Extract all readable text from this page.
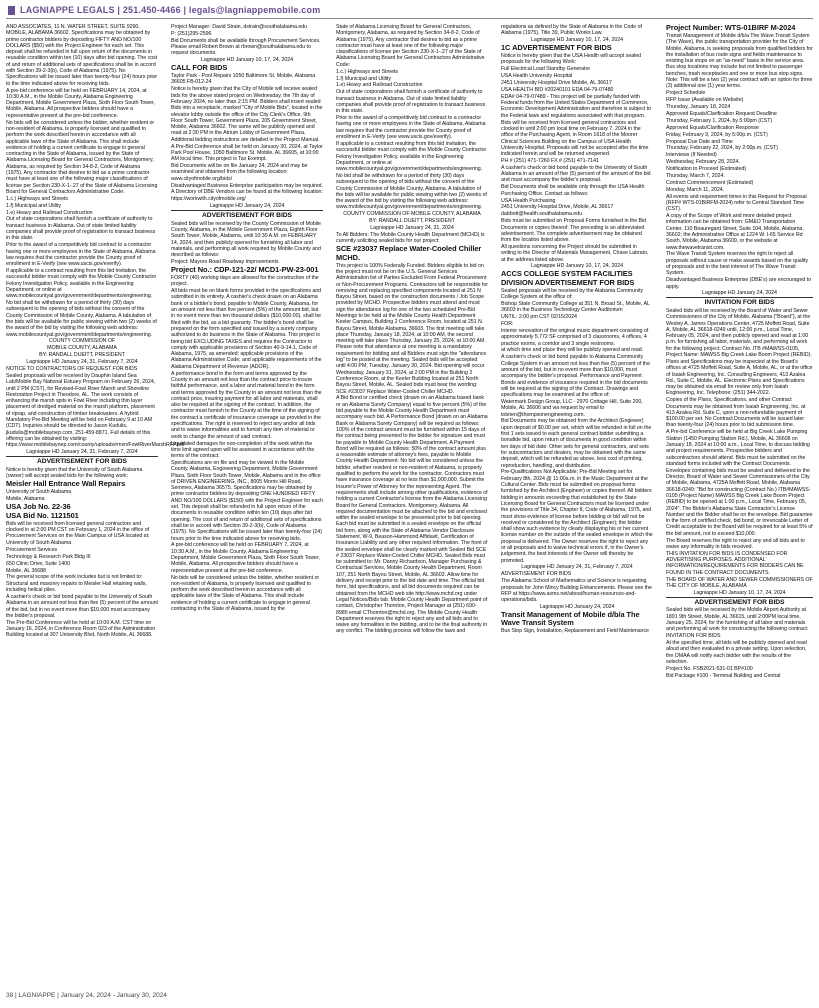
LAGNIAPPE LEGALS | 251.450-4466 | legals@lagniappemobile.com
AND ASSOCIATES, 11 N. WATER STREET, SUITE 9290, MOBILE, ALABAMA 36602. Specifications may be obtained by prime contractor bidders by depositing FIFTY AND NO/100 DOLLARS ($50) with the Project Engineer for each set. This deposit shall be refunded in full upon return of the documents in reusable condition within ten (10) days after bid opening. The cost of and return of additional sets of specifications shall be in accord with Section 39-2-3(b), Code of Alabama (1975). No Specifications will be issued later than twenty-four (24) hours prior to the time indicated above for receiving bids.
A pre-bid conference will be held on FEBRUARY 14, 2024, at 10:30 A.M., in the Mobile County, Alabama Engineering Department, Mobile Government Plaza, Sixth Floor South Tower, Mobile, Alabama. All prospective bidders should have a representative present at the pre-bid conference.
No bids will be considered unless the bidder, whether resident or non-resident of Alabama, is properly licensed and qualified to perform the work described herein in accordance with all applicable laws of the State of Alabama. This shall include evidence of holding a current certificate to engage in general contracting in the State of Alabama, issued by the State of Alabama Licensing Board for General Contractors, Montgomery, Alabama, as required by Section 34-8-2, Code of Alabama (1975). Any contractor that desires to bid as a prime contractor must have at least one of the following major classifications of license per Section 230-X-1-.27 of the State of Alabama Licensing Board for General Contractors Administrative Code:
1.c.) Highways and Streets
1.f) Municipal and Utility
1.e) Heavy and Railroad Construction
Out of state corporations shall furnish a certificate of authority to transact business in Alabama. Out of state limited liability companies shall provide proof of registration to transact business in this state.
Prior to the award of a competitively bid contract to a contractor having one or more employees in the State of Alabama, Alabama law requires that the contractor provide the County proof of enrollment in E-Verify (see www.uscis.gov/everify).
If applicable to a contract resulting from this bid invitation, the successful bidder must comply with the Mobile County Contractor Felony Investigation Policy, available in the Engineering Department, or online at www.mobilecountyal.gov/government/departments/engineering.
No bid shall be withdrawn for a period of thirty (30) days subsequent to the opening of bids without the consent of the County Commission of Mobile County, Alabama. A tabulation of the bids will be available for public viewing within two (2) weeks of the award of the bid by visiting the following web address: www.mobilecountyal.gov/government/departments/engineering.
COUNTY COMMISSION OF
MOBILE COUNTY, ALABAMA
BY: RANDALL DUEITT, PRESIDENT
Lagniappe HD January 24, 31, February 7, 2024
NOTICE TO CONTRACTORS OF REQUEST FOR BIDS
Sealed proposals will be received by Dauphin Island Sea Lab/Mobile Bay National Estuary Program on February 26, 2024, until 2 PM (CST), for Revised-Fowl River Marsh and Shoreline Restoration Project in Theodore, AL. The work consists of enhancing the marsh spits in Fowl River including thin layer placement of dredged material on the marsh platform, placement of riprap, and construction of timber breakwaters. A hybrid Mandatory Pre-Bid Meeting will be held on February 9 at 10 AM (CDT). Inquiries should be directed to Jason Kudulis, jkudulis@mobilebaynep.com, 251-459-8871. Full details of this offering can be obtained by visiting: https://www.mobilebaynep.com/county/uploads/rmxn/FowlRiverMarshRFP.pdf
Lagniappe HD January 24, 31, February 7, 2024
ADVERTISEMENT FOR BIDS
Notice is hereby given that the University of South Alabama (owner) will accept sealed bids for the following work:
Meisler Hall Entrance Wall Repairs
University of South Alabama
Mobile, Alabama
USA Job No. 22-36
USA Bid No. 1121501
Bids will be received from licensed general contractors and clocked in at 2:00 PM CST on February 1, 2024 in the office of Procurement Services on the Main Campus of USA located at:
University of South Alabama
Procurement Services
Technology & Research Park Bldg III
650 Clinic Drive, Suite 1400
Mobile, AL 36688
The general scope of the work includes but is not limited to: Structural and masonry repairs to Meisler Hall retaining walls, including helical piles.
A cashier's check or bid bond payable to the University of South Alabama in an amount not less than five (5) percent of the amount of the bid, but in no event more than $10,000 must accompany the bidder's proposal.
The Pre-Bid Conference will be held at 10:00 A.M. CST time on January 16, 2024, in Conference Room 023 of the Administration Building located at 307 University Blvd, North Mobile, AL 36688.
Project Manager- David Strain, dstrain@southalabama.edu
P: (251)295-2596
Bid Documents shall be available through Procurement Services. Please email Robert Brown at rbrown@southalabama.edu to request documents.
Lagniappe HD January 10, 17, 24, 2024
CALL FOR BIDS
Taylor Park - Pool Repairs 1050 Baltimore St. Mobile, Alabama 36605 FB-012-24
Notice is hereby given that the City of Mobile will receive sealed bids for the above stated project on Wednesday, the 7th day of February 2024, no later than 2:15 PM. Bidders shall insert sealed Bids into a receptacle, marked "City of Mobile Bids", located in the elevator lobby outside the office of the City Clerk's Office, 9th Floor South Tower, Government Plaza, 205 Government Street, Mobile, Alabama 36602. The same will be publicly opened and read at 2:30 PM in the Atrium Lobby of Government Plaza. Additional bidding instructions are detailed in the Project Manual.
A Pre-Bid Conference shall be held on January 30, 2024, at Taylor Park Pool House, 1050 Baltimore St. Mobile, AL 36605, at 10:00 AM local time. This project is Tax Exempt.
Bid Documents will be on file January 24, 2024 and may be examined and obtained from the following location:
www.cityofmobile.org/bids/
Disadvantaged Business Enterprise participation may be required. A Directory of DBE Vendors can be found at the following location:
https://workwith.cityofmobile.org/
Lagniappe HD January 24, 2024
ADVERTISEMENT FOR BIDS
Sealed bids will be received by the County Commission of Mobile County, Alabama, in the Mobile Government Plaza, Eighth Floor South Tower, Mobile, Alabama, until 10:30 A.M. on FEBRUARY 14, 2024, and then publicly opened for furnishing all labor and materials, and performing all work required by Mobile County and described as follows:
Project: Mayors Road Roadway Improvements
Project No.: CDP-121-22/ MCD1-PW-23-001
FORTY (40) working days are allowed for the construction of the project.
All bids must be on blank forms provided in the specifications and submitted in its entirety. A cashier's check drawn on an Alabama bank or a bidder's bond, payable to Mobile County, Alabama, for an amount not less than five percent (5%) of the amount bid, but in no event more than ten thousand dollars ($10,000.00), shall be filed with the bid, as a bid guaranty. The bidder's bond shall be prepared on the form specified and issued by a surety company authorized to do business in the State of Alabama. This project is being bid EXCLUDING TAXES and requires the Contractor to comply with applicable provisions of Section 40-9-14.1, Code of Alabama, 1975, as amended; applicable provisions of the Alabama Administrative Code; and applicable requirements of the Alabama Department of Revenue (ADOR).
A performance bond in the form and terms approved by the County in an amount not less than the contract price to insure faithful performance, and a labor and material bond in the form and terms approved by the County in an amount not less than the contract price, insuring payment for all labor and materials, shall also be required at the signing of the contract. In addition, the contractor must furnish to the County at the time of the signing of the contract a certificate of insurance coverage as provided in the specifications. The right is reserved to reject any and/or all bids and to waive informalities and to furnish any item of material or work to change the amount of said contract.
Liquidated damages for non-completion of the work within the time limit agreed upon will be assessed in accordance with the terms of the contract.
Specifications are on file and may be viewed in the Mobile County, Alabama, Engineering Department, Mobile Government Plaza, Sixth Floor South Tower, Mobile, Alabama and in the office of DRIVEN ENGINEERING, INC., 8005 Morris Hill Road, Semmes, Alabama 36575. Specifications may be obtained by prime contractor bidders by depositing ONE HUNDRED FIFTY AND NO/100 DOLLARS ($150) with the Project Engineer for each set. This deposit shall be refunded in full upon return of the documents in reusable condition within ten (10) days after bid opening. The cost of and return of additional sets of specifications shall be in accord with Section 39-2-3(b), Code of Alabama (1975). No Specifications will be issued later than twenty-four (24) hours prior to the time indicated above for receiving bids.
A pre-bid conference will be held on FEBRUARY 7, 2024, at 10:30 A.M., in the Mobile County, Alabama Engineering Department, Mobile Government Plaza, Sixth Floor South Tower, Mobile, Alabama. All prospective bidders should have a representative present at the pre-bid conference.
No bids will be considered unless the bidder, whether resident or non-resident of Alabama, is properly licensed and qualified to perform the work described herein in accordance with all applicable laws of the State of Alabama. This shall include evidence of holding a current certificate to engage in general contracting in the State of Alabama, issued by the
State of Alabama Licensing Board for General Contractors, Montgomery, Alabama, as required by Section 34-8-2, Code of Alabama (1975). Any contractor that desires to bid as a prime contractor must have at least one of the following major classifications of license per Section 230-X-1-.27 of the State of Alabama Licensing Board for General Contractors Administrative Code:
1.c.) Highways and Streets
1.f) Municipal and Utility
1.e) Heavy and Railroad Construction
Out of state corporations shall furnish a certificate of authority to transact business in Alabama. Out of state limited liability companies shall provide proof of registration to transact business in this state.
Prior to the award of a competitively bid contract to a contractor having one or more employees in the State of Alabama, Alabama law requires that the contractor provide the County proof of enrollment in E-Verify (see www.uscis.gov/everify).
If applicable to a contract resulting from this bid invitation, the successful bidder must comply with the Mobile County Contractor Felony Investigation Policy, available in the Engineering Department, or online at www.mobilecountyal.gov/government/departments/engineering.
No bid shall be withdrawn for a period of thirty (30) days subsequent to the opening of bids without the consent of the County Commission of Mobile County, Alabama. A tabulation of the bids will be available for public viewing within two (2) weeks of the award of the bid by visiting the following web address: www.mobilecountyal.gov/government/departments/engineering.
COUNTY COMMISSION OF MOBILE COUNTY, ALABAMA
BY: RANDALL DUEITT, PRESIDENT
Lagniappe HD January 24, 31, 2024
To All Bidders: The Mobile County Health Department (MCHD) is currently soliciting sealed bids for our project:
SCE #23037 Replace Water-Cooled Chiller MCHD.
This project is 100% Federally Funded. Bidders eligible to bid on the project must not be on the U.S. General Services Administration list of Parties Excluded From Federal Procurement or Non-Procurement Programs. Contractors will be responsible for removing and replacing specified components located at 251 N Bayou Street, based on the construction documents / Job Scope provided by MCHD. Prospective bidders must attend and must sign the attendance log for one of the two scheduled Pre-Bid Meetings to be held at the Mobile County Health Department Keeler Campus, Building 2 Conference Room, located at 251 N. Bayou Street, Mobile Alabama, 36603. The first meeting will take place Thursday, January 18, 2024, at 10:00 AM, the second meeting will take place Thursday, January 25, 2024, at 10:00 AM. Please note that attendance at one meeting is a mandatory requirement for bidding and all Bidders must sign the "attendance log" to be posted at the meeting. Sealed bids will be accepted until 4:00 PM, Tuesday, January 30, 2024. Bid opening will occur Wednesday, January 31, 2024, at 2:00 PM in the Building 2 Conference Room, at the Keeler Building located at 251 North Bayou Street, Mobile, AL. Sealed bids must bear the wording: SCE #23037 Replace Water-Cooled Chiller MCHD.
A Bid Bond or certified check (drawn on an Alabama based bank or an Alabama Surety Company) equal to five percent (5%) of the bid payable to the Mobile County Health Department must accompany each bid. A Performance Bond (drawn on an Alabama Bank or Alabama Surety Company) will be required as follows: 100% of the contract amount must be furnished within 15 days of the contract being presented to the bidder for signature and must be payable to Mobile County Health Department. A Payment Bond will be required as follows: 50% of the contract amount plus a reasonable estimate of attorney's fees, payable to Mobile County Health Department. No bid will be considered unless the bidder, whether resident or non-resident of Alabama, is properly qualified to perform the work for the contractor. Contractors must have insurance coverage at no less than $1,000,000. Submit the Insurer's Power of Attorney for the representing Agent. The requirements shall include among other qualifications, evidence of holding a current Contractor's license from the Alabama Licensing Board for General Contractors. Montgomery, Alabama. All required documentation must be attached to the bid and enclosed within the sealed envelope to be presented prior to bid opening. Each bid must be submitted in a sealed envelope on the official bid form, along with the State of Alabama Vendor Disclosure Statement, W-9, Beason-Hammond Affidavit, Certification of Insurance Liability and any other required information. The front of the sealed envelope shall be clearly marked with Sealed Bid SCE # 23037 Replace Water-Cooled Chiller MCHD. Sealed Bids must be submitted to: Mr. Danny Richardson, Manager Purchasing & Contractual Services, Mobile County Health Department, Room 107, 251 North Bayou Street, Mobile, AL 36603. Allow time for delivery and receipt prior to the bid date and time. The official bid form, bid specifications, and all bid documents required can be obtained from the MCHD web site http://www.mchd.org under Legal Notices/Bids tab. Mobile County Health Department point of contact, Christopher Thornton, Project Manager at (251) 690-8985 email CThornton@mchd.org. The Mobile County Health Department reserves the right to reject any and all bids and to waive any formalities in the bidding, and to be the final authority in any conflict. The bidding process will follow the laws and
regulations as defined by the State of Alabama in the Code of Alabama (1975), Title 39, Public Works Law.
Lagniappe HD January 10, 17, 24, 2024
1C ADVERTISEMENT FOR BIDS
Notice is hereby given that the USA Health will accept sealed proposals for the following Work:
Full Electrical Load Standby Generator
USA Health University Hospital
2451 University Hospital Drive Mobile, AL 36617
USA HEALTH BID #20240101 EDA 04-79-07480
EDA# 04-79-07489 - This project will be partially funded with Federal funds from the United States Department of Commerce, Economic Development Administration and therefore is subject to the Federal laws and regulations associated with that program.
Bids will be received from licensed general contractors and clocked in until 2:00 pm local time on February 7, 2024 in the office of the Purchasing Agent, in Room 1618 of the Moorer Clinical Sciences Building on the Campus of USA Health University Hospital. Proposals will not be accepted after the time indicated herein and will be returned unopened.
PH # (251) 471-7260 FX # (251) 471-7141
A cashier's check or bid bond payable to the University of South Alabama in an amount of five (5) percent of the amount of the bid and must accompany the bidder's proposal.
Bid Documents shall be available only through the USA Health Purchasing Office. Contact as follows:
USA Health Purchasing
2451 University Hospital Drive, Mobile, AL 36617
dabbott@health.southalabama.edu
Bids must be submitted on Proposal Forms furnished in the Bid Documents or copies thereof. The preceding is an abbreviated advertisement. The complete advertisement may be obtained from the location listed above.
All questions concerning the Project should be submitted in writing to the Director of Materials Management, Chase Labrato, at the address listed above.
Lagniappe HD January 10, 17, 24, 2024
ACCS COLLEGE SYSTEM FACILITIES DIVISION ADVERTISEMENT FOR BIDS
Sealed proposals will be received by the Alabama Community College System at the office of:
Bishop State Community College at 351 N. Broad St., Mobile, AL 36603 in the Business Technology Center Auditorium
UNTIL: 2:00 pm CST 02/15/2024
FOR:
Interior renovation of the original music department consisting of approximately 5,772 SF comprised of 3 classrooms, 4 offices, 4 practice rooms, a corridor and 3 single restrooms.
at which time and place they will be publicly opened and read.
A cashier's check or bid bond payable to Alabama Community College System in an amount not less than five (5) percent of the amount of the bid, but in no event more than $10,000, must accompany the bidder's proposal. Performance and Payment Bonds and evidence of insurance required in the bid documents will be required at the signing of the Contract. Drawings and specifications may be examined at the office of:
Watermark Design Group, LLC - 2970 Cottage Hill, Suite 200, Mobile, AL 36606 and via request by email to tobrien@thompsonengineering.com.
Bid Documents may be obtained from the Architect (Engineer) upon deposit of $0.00 per set, which will be refunded in full on the first 1 sets issued to each general contract bidder submitting a bonafide bid, upon return of documents in good condition within ten days of bid date. Other sets for general contractors, and sets for subcontractors and dealers, may be obtained with the same deposit, which will be refunded as above, less cost of printing, reproduction, handling, and distribution.
Pre-Qualifications Not Applicable; Pre-Bid Meeting set for February 8th, 2024 @ 11:00a.m. in the Music Department at the Cultural Center. Bids must be submitted on proposal forms furnished by the Architect (Engineer) or copies thereof. All bidders bidding in amounts exceeding that established by the State Licensing Board for General Contractors must be licensed under the provisions of Title 34, Chapter 8, Code of Alabama, 1975, and must show evidence of license before bidding or bid will not be received or considered by the Architect (Engineer); the bidder shall show such evidence by clearly displaying his or her current license number on the outside of the sealed envelope in which the proposal is delivered. The Owner reserves the right to reject any or all proposals and to waive technical errors if, in the Owner's judgement, the best interests of the Owner will thereby be promoted.
Lagniappe HD January 24, 31, February 7, 2024
ADVERTISEMENT FOR BIDS
The Alabama School of Mathematics and Science is requesting proposals for John Mincy Building Enhancements. Please see the RFP at https://www.asms.net/about/human-resources-and-operations/bids.
Lagniappe HD January 24, 2024
Transit Management of Mobile d/b/a The Wave Transit System
Bus Stop Sign, Installation, Replacement and Field Maintenance
Project Number: WTS-01BIRF M-2024
Transit Management of Mobile d/b/a The Wave Transit System (The Wave), the public transportation provider for the City of Mobile, Alabama, is seeking proposals from qualified bidders for the installation of bus route signs and fields maintenance to existing bus stops on an "as-need" basis in the service area. Bus stop locations may include but not limited to passenger benches, trash receptacles and one or more bus stop signs. Note: This will be a two (2) year contract with an option for three (3) additional one (1) year terms.
Project Schedule
RFP Issue (Available on Website)
Thursday, January 18, 2024
Approved Equals/Clarification Request Deadline
Thursday, February 1, 2024, by 5:00pm (CST)
Approved Equals/Clarification Response
Friday, February 9, 2024, by 5:00p.m. (CST)
Proposal Due Date and Time
Thursday, February 22, 2024, by 2:00p.m. (CST)
Interviews (If Needed)
Wednesday, February 28, 2024.
Notification to Proceed (Estimated)
Thursday, March 7, 2024.
Contract Commencement (Estimated)
Monday, March 11, 2024.
All events and requirement times in this Request for Proposal (RFP# WTS-01BIRFM-2024) refer to Central Standard Time (CST).
A copy of the Scope of Work and more detailed project information can be obtained from: GM&O Transportation Center, 110 Beauregard Street, Suite 104, Mobile, Alabama, 36602; the Administrative Office at 1224 W. I-65 Service Rd South, Mobile, Alabama 36609, or the website at www.thewavetransit.com.
The Wave Transit System reserves the right to reject all proposals without cause or make awards based on the quality of proposals and in the best interest of The Wave Transit System.
Disadvantaged Business Enterprise (DBE's) are encouraged to apply.
Lagniappe HD January 24, 2024
INVITATION FOR BIDS
Sealed bids will be received by the Board of Water and Sewer Commissioners of the City of Mobile, Alabama ("Board"), at the Wesley A. James Operations Center, 4725 Moffett Road, Suite A, Mobile, AL 36618-0249 until, 12:00 p.m., Local Time, February 05, 2024, and then publicly opened and read at 1:00 p.m. for furnishing all labor, materials, and performing all work for the following project: Contract No. ITB #MAWSS-0105, Project Name: MAWSS Big Creek Lake Boom Project (REBID).
Plans and Specifications may be inspected at the Board's offices at 4725 Moffett Road, Suite A, Mobile, AL, or at the office of Isaiah Engineering, Inc. Consulting Engineers, 413 Azalea Rd., Suite C, Mobile, AL. Electronic Plans and Specifications may be obtained via email for review only from Isaiah Engineering, Inc. Telephone: (251) 344-2022.
Copies of the Plans, Specifications, and other Contract Documents may be obtained from Isaiah Engineering, Inc. at 413 Azalea Rd. Suite C, upon a non-refundable payment of $100.00 per set. No Contract Documents will be issued later than twenty-four (24) hours prior to bid submission time.
A Pre-bid Conference will be held at Big Creek Lake Pumping Station (1450 Pumping Station Rd.), Mobile, AL 36608 on January 18, 2024 at 10:00 a.m., Local Time, to discuss bidding and project requirements. Prospective bidders and subcontractors should attend. Bids must be submitted on the standard forms included with the Contract Documents.
Envelopes containing bids must be sealed and delivered to the Director, Board of Water and Sewer Commissioners of the City of Mobile, Alabama, 4725A Moffett Road, Mobile, Alabama 36618-0249: "Bid for constructing (Contract No.) ITB#MAWSS-0105 (Project Name) MAWSS Big Creek Lake Boom Project (REBID) to be opened at 1:00 p.m., Local Time, February 05, 2024". The Bidder's Alabama State Contractor's License Number and the Bidder shall be on the envelope. Bid guarantee in the form of certified check, bid bond, or irrevocable Letter of Credit acceptable to the Board will be required for at least 5% of the bid amount, not to exceed $10,000.
The Board reserves the right to reject any and all bids and to waive any informality in bids received.
THIS INVITATION FOR BIDS IS CONDENSED FOR ADVERTISING PURPOSES. ADDITIONAL INFORMATION/REQUIREMENTS FOR BIDDERS CAN BE FOUND IN THE CONTRACT DOCUMENTS.
THE BOARD OF WATER AND SEWER COMMISSIONERS OF THE CITY OF MOBILE, ALABAMA
Lagniappe HD January 10, 17, 24, 2024
ADVERTISEMENT FOR BIDS
Sealed bids will be received by the Mobile Airport Authority at 1891 9th Street, Mobile, AL 36615, until 2:00PM local time, January 25, 2024, for the furnishing of all labor and materials and performing all work for constructing the following contract:
INVITATION FOR BIDS
At the specified time, all bids will be publicly opened and read aloud and then evaluated in a private setting. Upon selection, the OMAA will notify each bidder with the results of the selection.
Project No. FSB2021-531-01 BP#100
Bid Package #100 - Terminal Building and Central
38 | LAGNIAPPE | January 24, 2024 - January 30, 2024
